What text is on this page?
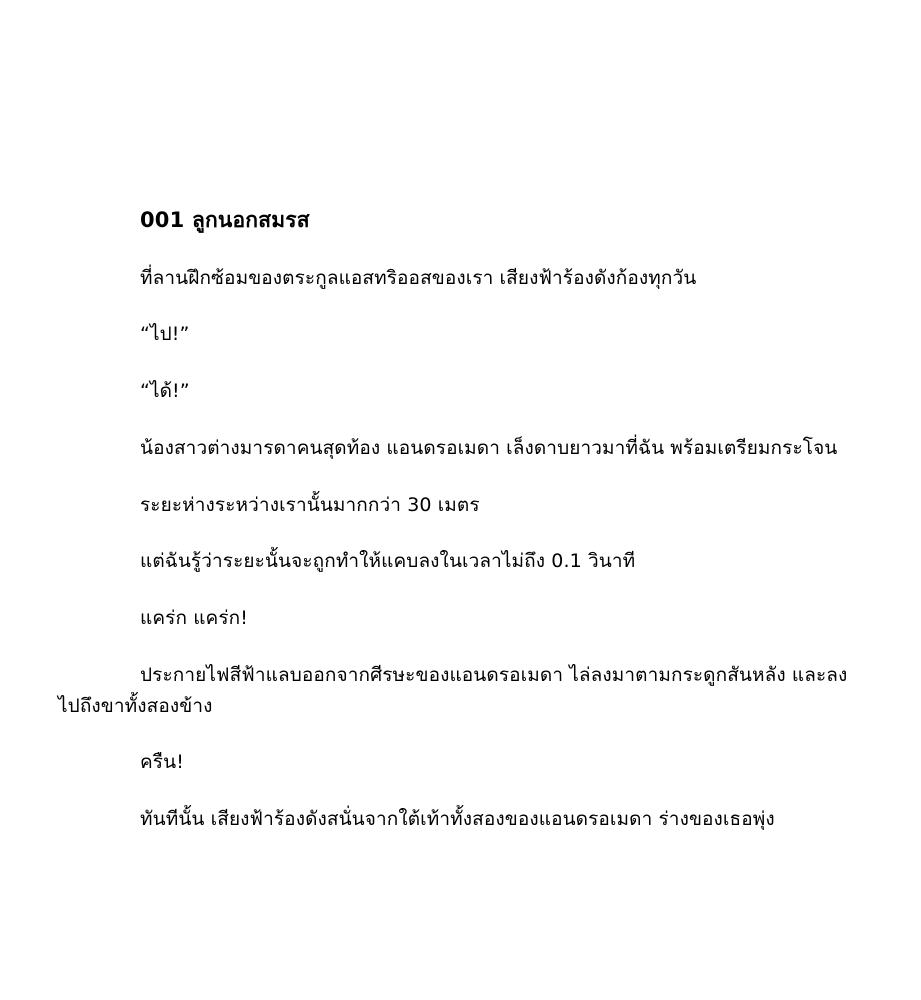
001 ลูกนอกสมรส

ที่ลานฝึกซ้อมของตระกูลแอสทริออสของเรา เสียงฟ้าร้องดังก้องทุกวัน

“ไป!”

“ได้!”

น้องสาวต่างมารดาคนสุดท้อง แอนดรอเมดา เล็งดาบยาวมาที่ฉัน พร้อมเตรียมกระโจน

ระยะห่างระหว่างเรานั้นมากกว่า 30 เมตร

แต่ฉันรู้ว่าระยะนั้นจะถูกทำให้แคบลงในเวลาไม่ถึง 0.1 วินาที

แคร่ก แคร่ก!

ประกายไฟสีฟ้าแลบออกจากศีรษะของแอนดรอเมดา ไล่ลงมาตามกระดูกสันหลัง และลงไปถึงขาทั้งสองข้าง

ครืน!

ทันทีนั้น เสียงฟ้าร้องดังสนั่นจากใต้เท้าทั้งสองของแอนดรอเมดา ร่างของเธอพุ่ง
